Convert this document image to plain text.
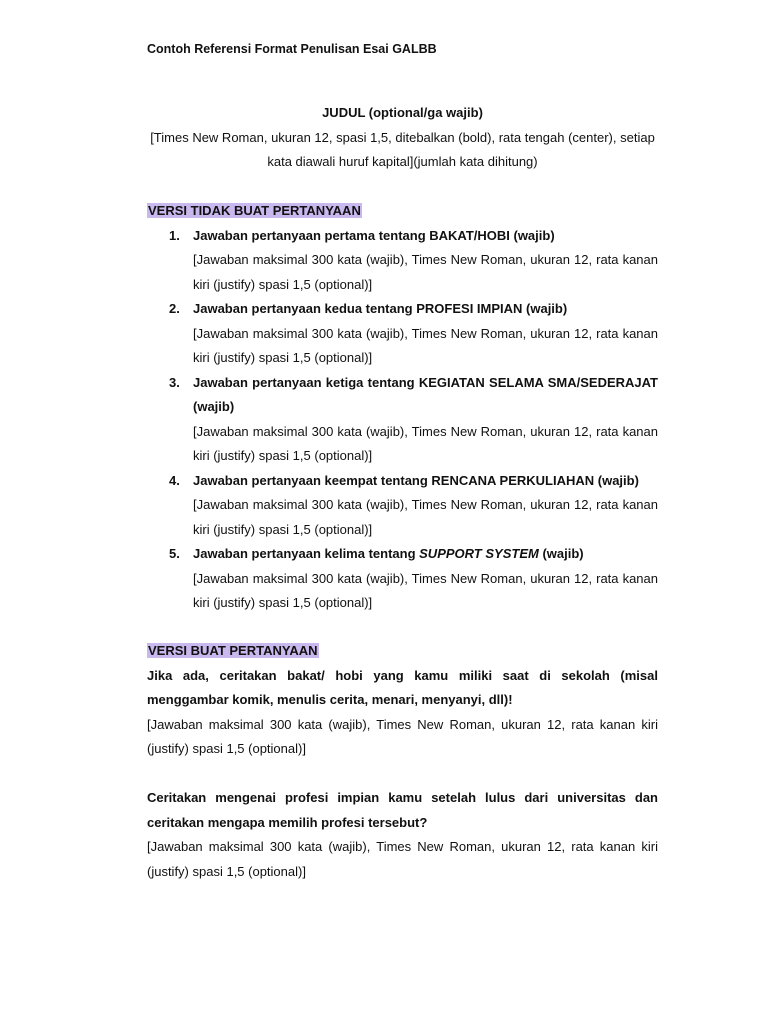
Contoh Referensi Format Penulisan Esai GALBB
JUDUL (optional/ga wajib)
[Times New Roman, ukuran 12, spasi 1,5, ditebalkan (bold), rata tengah (center), setiap kata diawali huruf kapital](jumlah kata dihitung)
VERSI TIDAK BUAT PERTANYAAN
1. Jawaban pertanyaan pertama tentang BAKAT/HOBI (wajib)
[Jawaban maksimal 300 kata (wajib), Times New Roman, ukuran 12, rata kanan kiri (justify) spasi 1,5 (optional)]
2. Jawaban pertanyaan kedua tentang PROFESI IMPIAN (wajib)
[Jawaban maksimal 300 kata (wajib), Times New Roman, ukuran 12, rata kanan kiri (justify) spasi 1,5 (optional)]
3. Jawaban pertanyaan ketiga tentang KEGIATAN SELAMA SMA/SEDERAJAT (wajib)
[Jawaban maksimal 300 kata (wajib), Times New Roman, ukuran 12, rata kanan kiri (justify) spasi 1,5 (optional)]
4. Jawaban pertanyaan keempat tentang RENCANA PERKULIAHAN (wajib)
[Jawaban maksimal 300 kata (wajib), Times New Roman, ukuran 12, rata kanan kiri (justify) spasi 1,5 (optional)]
5. Jawaban pertanyaan kelima tentang SUPPORT SYSTEM (wajib)
[Jawaban maksimal 300 kata (wajib), Times New Roman, ukuran 12, rata kanan kiri (justify) spasi 1,5 (optional)]
VERSI BUAT PERTANYAAN
Jika ada, ceritakan bakat/ hobi yang kamu miliki saat di sekolah (misal menggambar komik, menulis cerita, menari, menyanyi, dll)!
[Jawaban maksimal 300 kata (wajib), Times New Roman, ukuran 12, rata kanan kiri (justify) spasi 1,5 (optional)]
Ceritakan mengenai profesi impian kamu setelah lulus dari universitas dan ceritakan mengapa memilih profesi tersebut?
[Jawaban maksimal 300 kata (wajib), Times New Roman, ukuran 12, rata kanan kiri (justify) spasi 1,5 (optional)]
